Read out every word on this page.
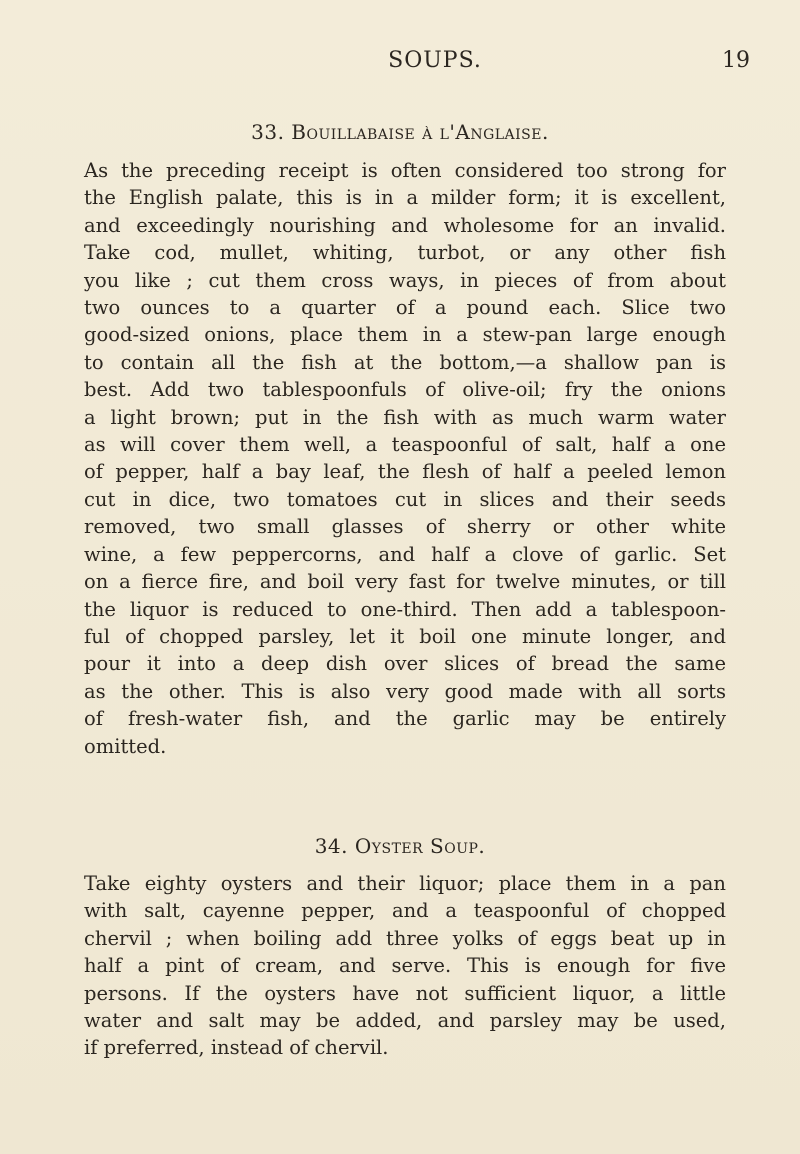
SOUPS.	19
33. Bouillabaise à l'Anglaise.
As the preceding receipt is often considered too strong for
the English palate, this is in a milder form; it is excellent,
and exceedingly nourishing and wholesome for an invalid.
Take cod, mullet, whiting, turbot, or any other fish
you like ; cut them cross ways, in pieces of from about
two ounces to a quarter of a pound each. Slice two
good-sized onions, place them in a stew-pan large enough
to contain all the fish at the bottom,—a shallow pan is
best. Add two tablespoonfuls of olive-oil; fry the onions
a light brown; put in the fish with as much warm water
as will cover them well, a teaspoonful of salt, half a one
of pepper, half a bay leaf, the flesh of half a peeled lemon
cut in dice, two tomatoes cut in slices and their seeds
removed, two small glasses of sherry or other white
wine, a few peppercorns, and half a clove of garlic. Set
on a fierce fire, and boil very fast for twelve minutes, or till
the liquor is reduced to one-third. Then add a tablespoon-
ful of chopped parsley, let it boil one minute longer, and
pour it into a deep dish over slices of bread the same
as the other. This is also very good made with all sorts
of fresh-water fish, and the garlic may be entirely
omitted.
34. Oyster Soup.
Take eighty oysters and their liquor; place them in a pan
with salt, cayenne pepper, and a teaspoonful of chopped
chervil ; when boiling add three yolks of eggs beat up in
half a pint of cream, and serve. This is enough for five
persons. If the oysters have not sufficient liquor, a little
water and salt may be added, and parsley may be used,
if preferred, instead of chervil.
